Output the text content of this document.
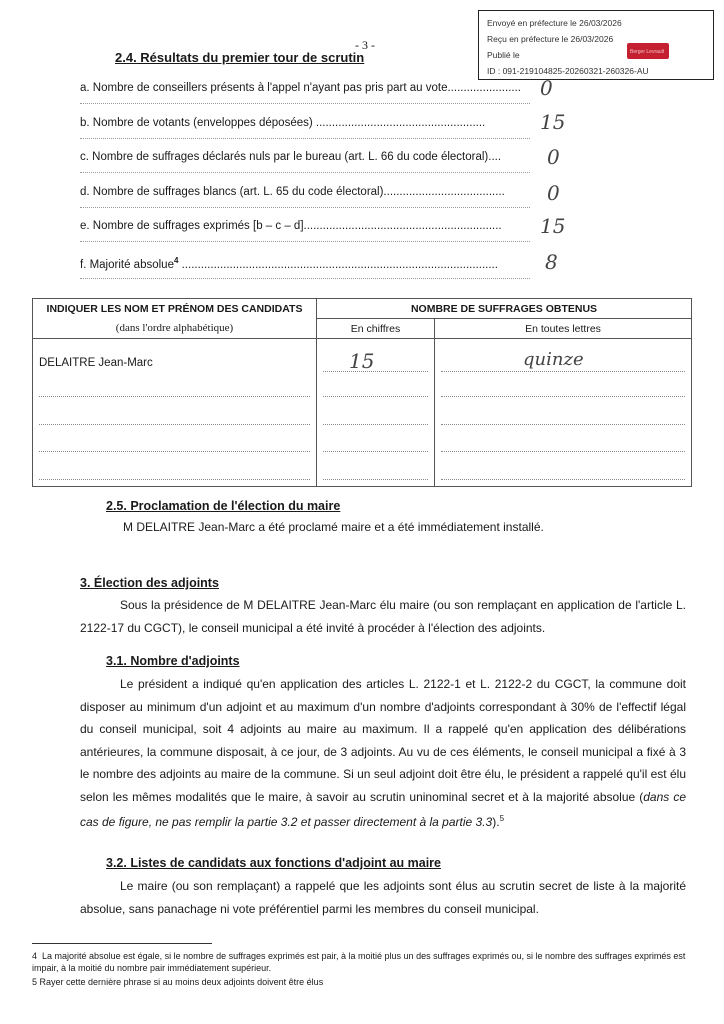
Envoyé en préfecture le 26/03/2026
Reçu en préfecture le 26/03/2026
Publié le
ID : 091-219104825-20260321-260326-AU
Berger Levrault
- 3 -
2.4. Résultats du premier tour de scrutin
a. Nombre de conseillers présents à l'appel n'ayant pas pris part au vote....................... 0
b. Nombre de votants (enveloppes déposées) .....................................................	15
c. Nombre de suffrages déclarés nuls par le bureau (art. L. 66 du code électoral)....	0
d. Nombre de suffrages blancs (art. L. 65 du code électoral)......................................	0
e. Nombre de suffrages exprimés [b – c – d]..............................................................	15
f. Majorité absolue$^4$ ...................................................................................................	8
INDIQUER LES NOM ET PRÉNOM DES CANDIDATS	NOMBRE DE SUFFRAGES OBTENUS	
(dans l'ordre alphabétique)	En chiffres	En toutes lettres

DELAITRE Jean-Marc	15	quinze
2.5. Proclamation de l'élection du maire
M DELAITRE Jean-Marc a été proclamé maire et a été immédiatement installé.
3. Élection des adjoints
Sous la présidence de M DELAITRE Jean-Marc élu maire (ou son remplaçant en application de l'article L. 2122-17 du CGCT), le conseil municipal a été invité à procéder à l'élection des adjoints.
3.1. Nombre d'adjoints
Le président a indiqué qu'en application des articles L. 2122-1 et L. 2122-2 du CGCT, la commune doit disposer au minimum d'un adjoint et au maximum d'un nombre d'adjoints correspondant à 30% de l'effectif légal du conseil municipal, soit 4 adjoints au maire au maximum. Il a rappelé qu'en application des délibérations antérieures, la commune disposait, à ce jour, de 3 adjoints. Au vu de ces éléments, le conseil municipal a fixé à 3 le nombre des adjoints au maire de la commune. Si un seul adjoint doit être élu, le président a rappelé qu'il est élu selon les mêmes modalités que le maire, à savoir au scrutin uninominal secret et à la majorité absolue (dans ce cas de figure, ne pas remplir la partie 3.2 et passer directement à la partie 3.3).$^5$
3.2. Listes de candidats aux fonctions d'adjoint au maire
Le maire (ou son remplaçant) a rappelé que les adjoints sont élus au scrutin secret de liste à la majorité absolue, sans panachage ni vote préférentiel parmi les membres du conseil municipal.
4 La majorité absolue est égale, si le nombre de suffrages exprimés est pair, à la moitié plus un des suffrages exprimés ou, si le nombre des suffrages exprimés est impair, à la moitié du nombre pair immédiatement supérieur.
5 Rayer cette dernière phrase si au moins deux adjoints doivent être élus
